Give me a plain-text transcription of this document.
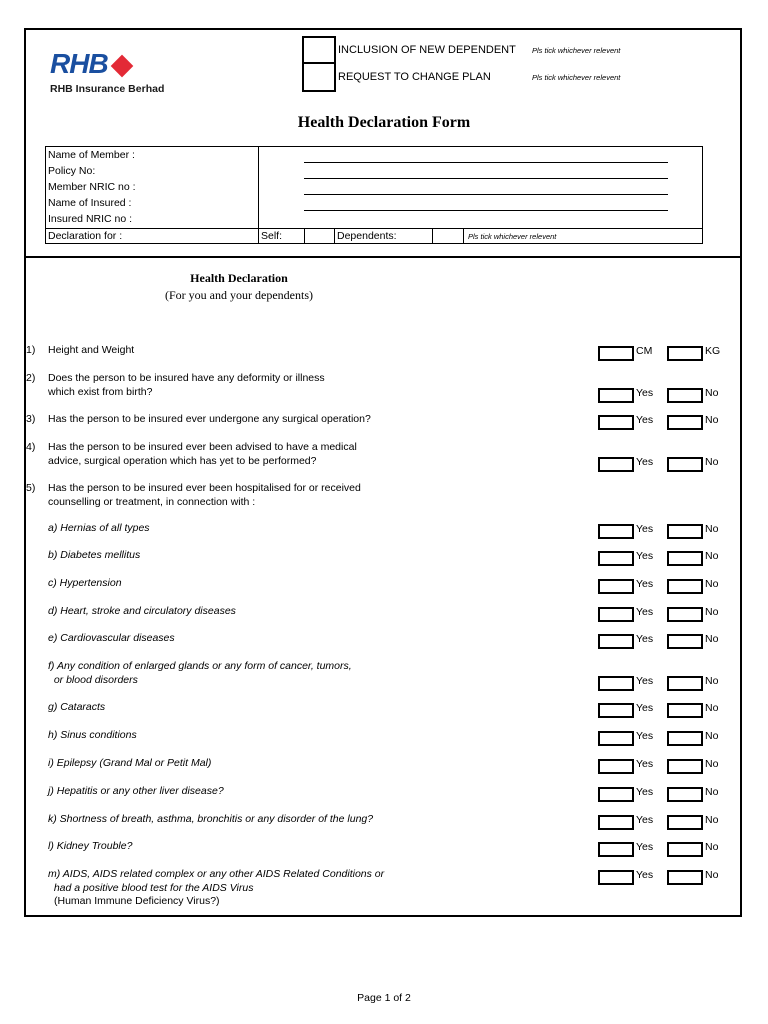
RHB
RHB Insurance Berhad
INCLUSION OF NEW DEPENDENT Pls tick whichever relevent
REQUEST TO CHANGE PLAN	Pls tick whichever relevent
Health Declaration Form
Name of Member :
Policy No:
Member NRIC no :
Name of Insured :
Insured NRIC no :
Declaration for :	Self:	Dependents:	Pls tick whichever relevent
Health Declaration
(For you and your dependents)
1) Height and Weight	CM	KG
2) Does the person to be insured have any deformity or illness
which exist from birth?	Yes	No
3) Has the person to be insured ever undergone any surgical operation?	Yes	No
4) Has the person to be insured ever been advised to have a medical
advice, surgical operation which has yet to be performed?	Yes	No
5) Has the person to be insured ever been hospitalised for or received
counselling or treatment, in connection with :
a) Hernias of all types	Yes	No
b) Diabetes mellitus	Yes	No
c) Hypertension	Yes	No
d) Heart, stroke and circulatory diseases	Yes	No
e) Cardiovascular diseases	Yes	No
f) Any condition of enlarged glands or any form of cancer, tumors,
or blood disorders	Yes	No
g) Cataracts	Yes	No
h) Sinus conditions	Yes	No
i) Epilepsy (Grand Mal or Petit Mal)	Yes	No
j) Hepatitis or any other liver disease?	Yes	No
k) Shortness of breath, asthma, bronchitis or any disorder of the lung?	Yes	No
l) Kidney Trouble?	Yes	No
m) AIDS, AIDS related complex or any other AIDS Related Conditions or
had a positive blood test for the AIDS Virus
(Human Immune Deficiency Virus?)
Yes	No
Page 1 of 2
